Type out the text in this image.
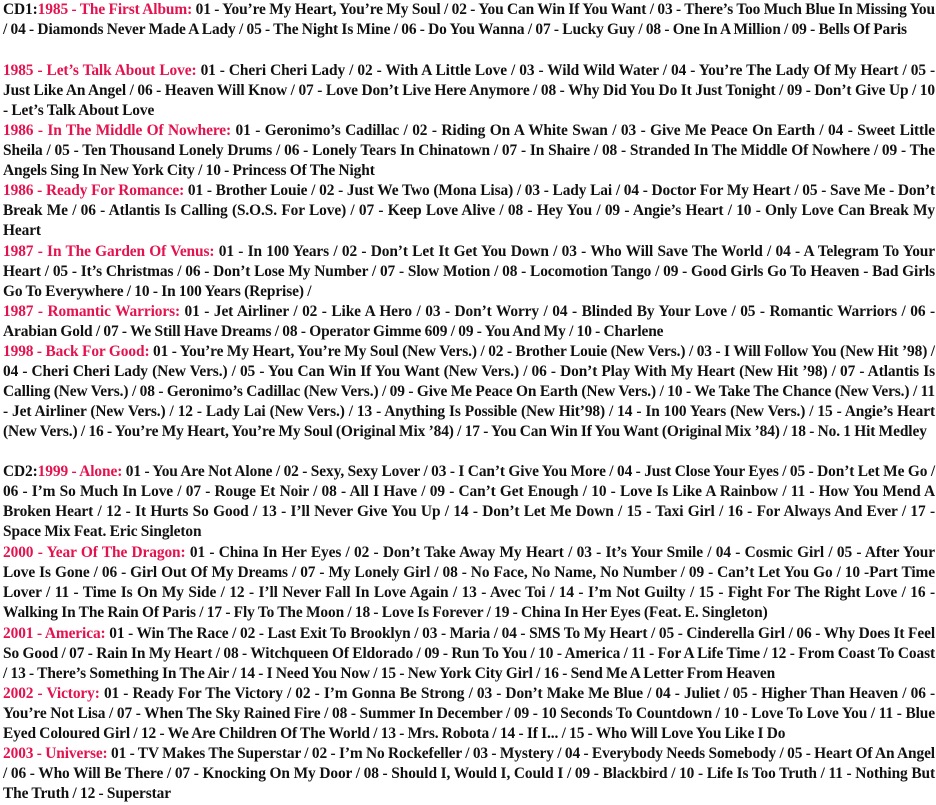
CD1:1985 - The First Album: 01 - You’re My Heart, You’re My Soul / 02 - You Can Win If You Want / 03 - There’s Too Much Blue In Missing You / 04 - Diamonds Never Made A Lady / 05 - The Night Is Mine / 06 - Do You Wanna / 07 - Lucky Guy / 08 - One In A Million / 09 - Bells Of Paris

1985 - Let’s Talk About Love: 01 - Cheri Cheri Lady / 02 - With A Little Love / 03 - Wild Wild Water / 04 - You’re The Lady Of My Heart / 05 - Just Like An Angel / 06 - Heaven Will Know / 07 - Love Don’t Live Here Anymore / 08 - Why Did You Do It Just Tonight / 09 - Don’t Give Up / 10 - Let’s Talk About Love

1986 - In The Middle Of Nowhere: 01 - Geronimo’s Cadillac / 02 - Riding On A White Swan / 03 - Give Me Peace On Earth / 04 - Sweet Little Sheila / 05 - Ten Thousand Lonely Drums / 06 - Lonely Tears In Chinatown / 07 - In Shaire / 08 - Stranded In The Middle Of Nowhere / 09 - The Angels Sing In New York City / 10 - Princess Of The Night

1986 - Ready For Romance: 01 - Brother Louie / 02 - Just We Two (Mona Lisa) / 03 - Lady Lai / 04 - Doctor For My Heart / 05 - Save Me - Don’t Break Me / 06 - Atlantis Is Calling (S.O.S. For Love) / 07 - Keep Love Alive / 08 - Hey You / 09 - Angie’s Heart / 10 - Only Love Can Break My Heart

1987 - In The Garden Of Venus: 01 - In 100 Years / 02 - Don’t Let It Get You Down / 03 - Who Will Save The World / 04 - A Telegram To Your Heart / 05 - It’s Christmas / 06 - Don’t Lose My Number / 07 - Slow Motion / 08 - Locomotion Tango / 09 - Good Girls Go To Heaven - Bad Girls Go To Everywhere / 10 - In 100 Years (Reprise) /

1987 - Romantic Warriors: 01 - Jet Airliner / 02 - Like A Hero / 03 - Don’t Worry / 04 - Blinded By Your Love / 05 - Romantic Warriors / 06 - Arabian Gold / 07 - We Still Have Dreams / 08 - Operator Gimme 609 / 09 - You And My / 10 - Charlene

1998 - Back For Good: 01 - You’re My Heart, You’re My Soul (New Vers.) / 02 - Brother Louie (New Vers.) / 03 - I Will Follow You (New Hit ’98) / 04 - Cheri Cheri Lady (New Vers.) / 05 - You Can Win If You Want (New Vers.) / 06 - Don’t Play With My Heart (New Hit ’98) / 07 - Atlantis Is Calling (New Vers.) / 08 - Geronimo’s Cadillac (New Vers.) / 09 - Give Me Peace On Earth (New Vers.) / 10 - We Take The Chance (New Vers.) / 11 - Jet Airliner (New Vers.) / 12 - Lady Lai (New Vers.) / 13 - Anything Is Possible (New Hit’98) / 14 - In 100 Years (New Vers.) / 15 - Angie’s Heart (New Vers.) / 16 - You’re My Heart, You’re My Soul (Original Mix ’84) / 17 - You Can Win If You Want (Original Mix ’84) / 18 - No. 1 Hit Medley

CD2:1999 - Alone: 01 - You Are Not Alone / 02 - Sexy, Sexy Lover / 03 - I Can’t Give You More / 04 - Just Close Your Eyes / 05 - Don’t Let Me Go / 06 - I’m So Much In Love / 07 - Rouge Et Noir / 08 - All I Have / 09 - Can’t Get Enough / 10 - Love Is Like A Rainbow / 11 - How You Mend A Broken Heart / 12 - It Hurts So Good / 13 - I’ll Never Give You Up / 14 - Don’t Let Me Down / 15 - Taxi Girl / 16 - For Always And Ever / 17 - Space Mix Feat. Eric Singleton

2000 - Year Of The Dragon: 01 - China In Her Eyes / 02 - Don’t Take Away My Heart / 03 - It’s Your Smile / 04 - Cosmic Girl / 05 - After Your Love Is Gone / 06 - Girl Out Of My Dreams / 07 - My Lonely Girl / 08 - No Face, No Name, No Number / 09 - Can’t Let You Go / 10 -Part Time Lover / 11 - Time Is On My Side / 12 - I’ll Never Fall In Love Again / 13 - Avec Toi / 14 - I’m Not Guilty / 15 - Fight For The Right Love / 16 - Walking In The Rain Of Paris / 17 - Fly To The Moon / 18 - Love Is Forever / 19 - China In Her Eyes (Feat. E. Singleton)

2001 - America: 01 - Win The Race / 02 - Last Exit To Brooklyn / 03 - Maria / 04 - SMS To My Heart / 05 - Cinderella Girl / 06 - Why Does It Feel So Good / 07 - Rain In My Heart / 08 - Witchqueen Of Eldorado / 09 - Run To You / 10 - America / 11 - For A Life Time / 12 - From Coast To Coast / 13 - There’s Something In The Air / 14 - I Need You Now / 15 - New York City Girl / 16 - Send Me A Letter From Heaven

2002 - Victory: 01 - Ready For The Victory / 02 - I’m Gonna Be Strong / 03 - Don’t Make Me Blue / 04 - Juliet / 05 - Higher Than Heaven / 06 - You’re Not Lisa / 07 - When The Sky Rained Fire / 08 - Summer In December / 09 - 10 Seconds To Countdown / 10 - Love To Love You / 11 - Blue Eyed Coloured Girl / 12 - We Are Children Of The World / 13 - Mrs. Robota / 14 - If I... / 15 - Who Will Love You Like I Do

2003 - Universe: 01 - TV Makes The Superstar / 02 - I’m No Rockefeller / 03 - Mystery / 04 - Everybody Needs Somebody / 05 - Heart Of An Angel / 06 - Who Will Be There / 07 - Knocking On My Door / 08 - Should I, Would I, Could I / 09 - Blackbird / 10 - Life Is Too Truth / 11 - Nothing But The Truth / 12 - Superstar
